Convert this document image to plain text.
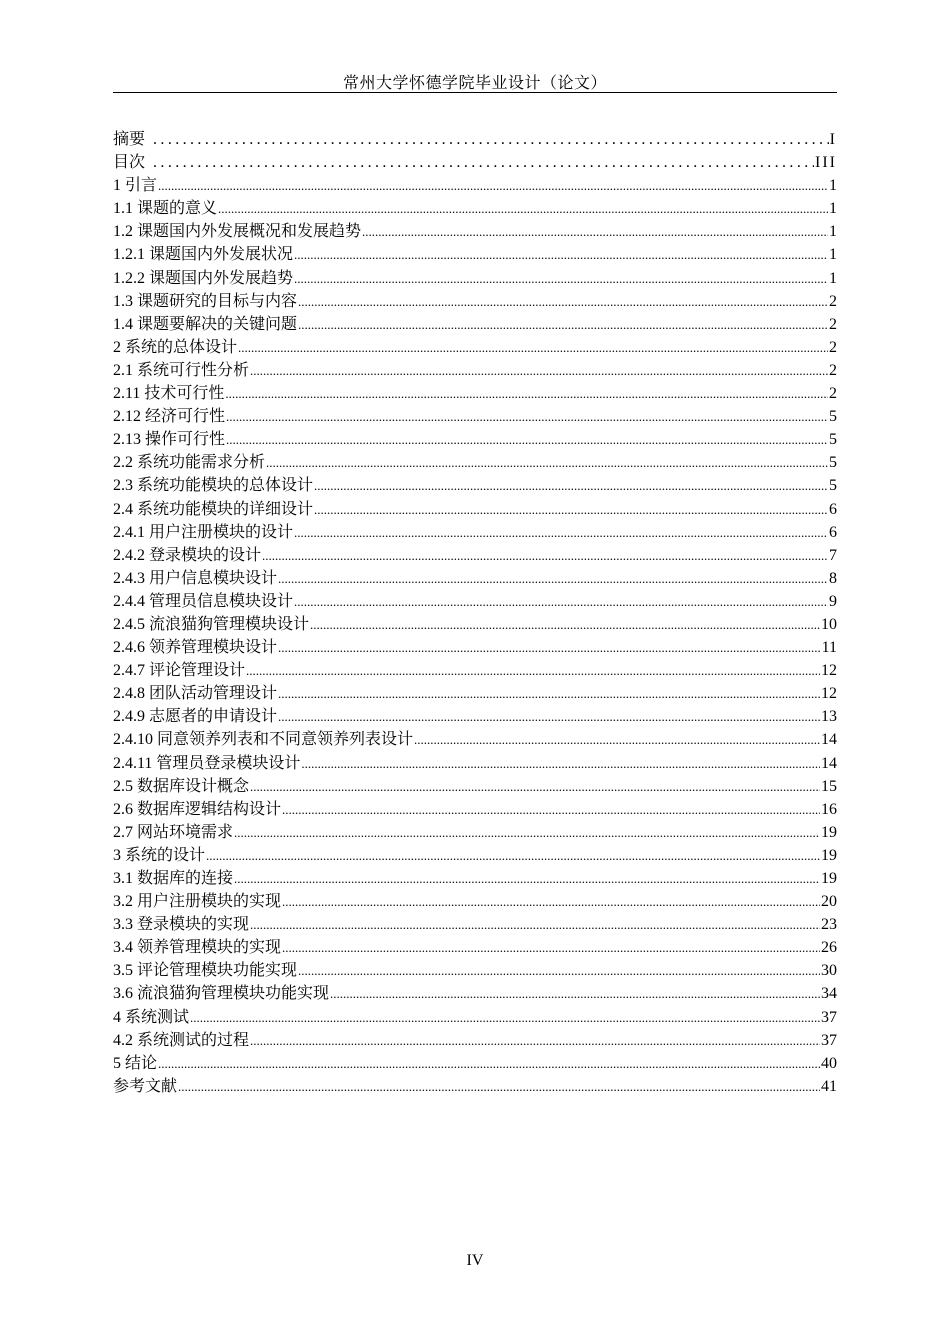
常州大学怀德学院毕业设计（论文）
摘要 .....	I
目次 .....	III
1 引言 .....	1
1.1 课题的意义 .....	1
1.2 课题国内外发展概况和发展趋势 .....	1
1.2.1 课题国内外发展状况 .....	1
1.2.2 课题国内外发展趋势 .....	1
1.3 课题研究的目标与内容 .....	2
1.4 课题要解决的关键问题 .....	2
2 系统的总体设计 .....	2
2.1 系统可行性分析 .....	2
2.11 技术可行性 .....	2
2.12 经济可行性 .....	5
2.13 操作可行性 .....	5
2.2 系统功能需求分析 .....	5
2.3 系统功能模块的总体设计 .....	5
2.4 系统功能模块的详细设计 .....	6
2.4.1 用户注册模块的设计 .....	6
2.4.2 登录模块的设计 .....	7
2.4.3 用户信息模块设计 .....	8
2.4.4 管理员信息模块设计 .....	9
2.4.5 流浪猫狗管理模块设计 .....	10
2.4.6 领养管理模块设计 .....	11
2.4.7 评论管理设计 .....	12
2.4.8 团队活动管理设计 .....	12
2.4.9 志愿者的申请设计 .....	13
2.4.10 同意领养列表和不同意领养列表设计 .....	14
2.4.11 管理员登录模块设计 .....	14
2.5 数据库设计概念 .....	15
2.6 数据库逻辑结构设计 .....	16
2.7 网站环境需求 .....	19
3 系统的设计 .....	19
3.1 数据库的连接 .....	19
3.2 用户注册模块的实现 .....	20
3.3 登录模块的实现 .....	23
3.4 领养管理模块的实现 .....	26
3.5 评论管理模块功能实现 .....	30
3.6 流浪猫狗管理模块功能实现 .....	34
4 系统测试 .....	37
4.2 系统测试的过程 .....	37
5 结论 .....	40
参考文献 .....	41
IV
